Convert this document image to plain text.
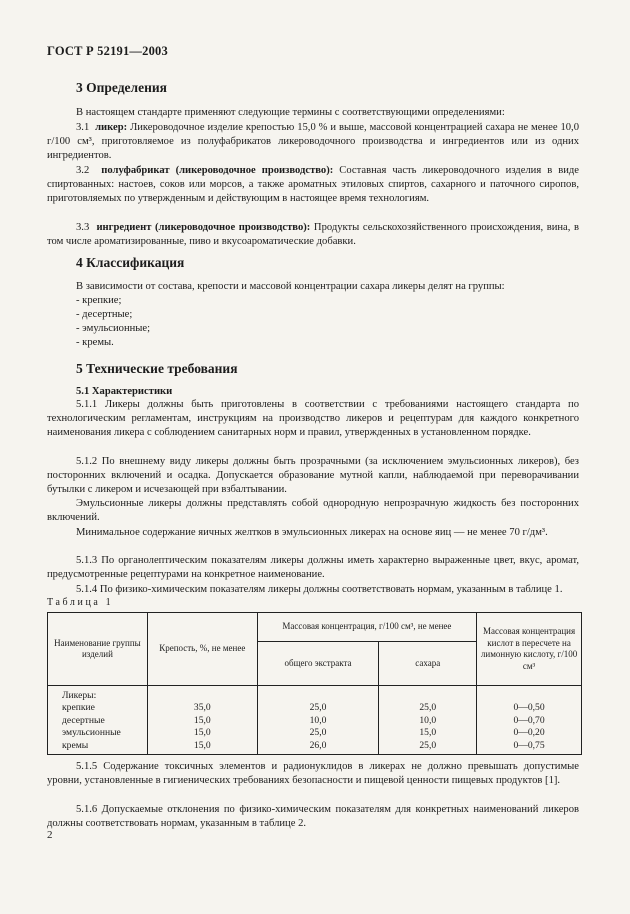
ГОСТ Р 52191—2003
3 Определения
В настоящем стандарте применяют следующие термины с соответствующими определениями:
3.1 ликер: Ликероводочное изделие крепостью 15,0 % и выше, массовой концентрацией сахара не менее 10,0 г/100 см³, приготовляемое из полуфабрикатов ликероводочного производства и ингредиентов или из одних ингредиентов.
3.2 полуфабрикат (ликероводочное производство): Составная часть ликероводочного изделия в виде спиртованных: настоев, соков или морсов, а также ароматных этиловых спиртов, сахарного и паточного сиропов, приготовляемых по утвержденным и действующим в настоящее время технологиям.
3.3 ингредиент (ликероводочное производство): Продукты сельскохозяйственного происхождения, вина, в том числе ароматизированные, пиво и вкусоароматические добавки.
4 Классификация
В зависимости от состава, крепости и массовой концентрации сахара ликеры делят на группы:
- крепкие;
- десертные;
- эмульсионные;
- кремы.
5 Технические требования
5.1 Характеристики
5.1.1 Ликеры должны быть приготовлены в соответствии с требованиями настоящего стандарта по технологическим регламентам, инструкциям на производство ликеров и рецептурам для каждого конкретного наименования ликера с соблюдением санитарных норм и правил, утвержденных в установленном порядке.
5.1.2 По внешнему виду ликеры должны быть прозрачными (за исключением эмульсионных ликеров), без посторонних включений и осадка. Допускается образование мутной капли, наблюдаемой при переворачивании бутылки с ликером и исчезающей при взбалтывании.
Эмульсионные ликеры должны представлять собой однородную непрозрачную жидкость без посторонних включений.
Минимальное содержание яичных желтков в эмульсионных ликерах на основе яиц — не менее 70 г/дм³.
5.1.3 По органолептическим показателям ликеры должны иметь характерно выраженные цвет, вкус, аромат, предусмотренные рецептурами на конкретное наименование.
5.1.4 По физико-химическим показателям ликеры должны соответствовать нормам, указанным в таблице 1.
Таблица 1
Наименование группы изделий	Крепость, %, не менее	Массовая концентрация, г/100 см³, не менее		Массовая концентрация кислот в пересчете на лимонную кислоту, г/100 см³
		общего экстракта	сахара	
Ликеры:				
крепкие	35,0	25,0	25,0	0—0,50
десертные	15,0	10,0	10,0	0—0,70
эмульсионные	15,0	25,0	15,0	0—0,20
кремы	15,0	26,0	25,0	0—0,75
5.1.5 Содержание токсичных элементов и радионуклидов в ликерах не должно превышать допустимые уровни, установленные в гигиенических требованиях безопасности и пищевой ценности пищевых продуктов [1].
5.1.6 Допускаемые отклонения по физико-химическим показателям для конкретных наименований ликеров должны соответствовать нормам, указанным в таблице 2.
2
